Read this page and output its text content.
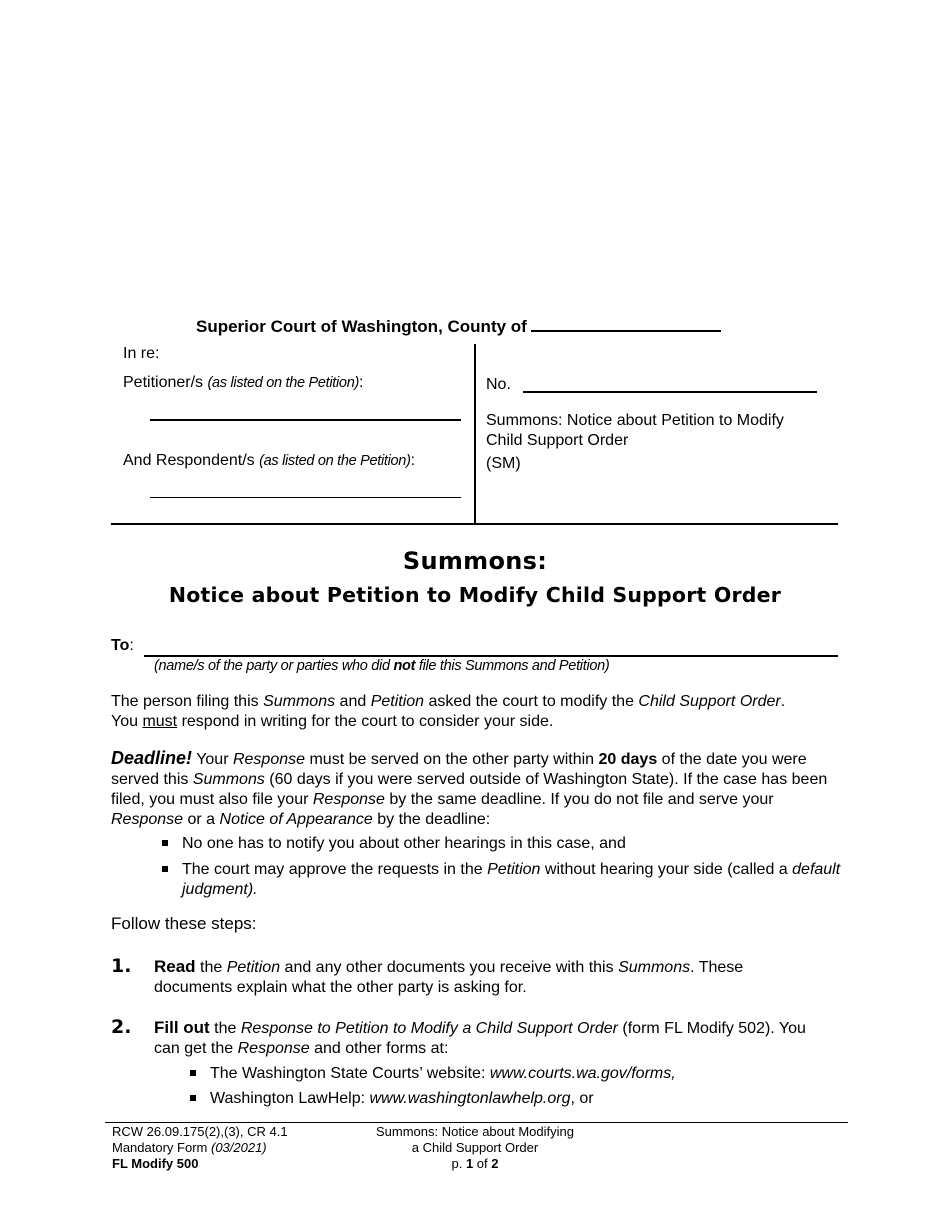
Superior Court of Washington, County of
In re:
Petitioner/s (as listed on the Petition):
And Respondent/s (as listed on the Petition):
No.
Summons: Notice about Petition to Modify
Child Support Order
(SM)
Summons:
Notice about Petition to Modify Child Support Order
To:
(name/s of the party or parties who did not file this Summons and Petition)
The person filing this Summons and Petition asked the court to modify the Child Support Order.
You must respond in writing for the court to consider your side.
Deadline! Your Response must be served on the other party within 20 days of the date you were served this Summons (60 days if you were served outside of Washington State). If the case has been filed, you must also file your Response by the same deadline. If you do not file and serve your Response or a Notice of Appearance by the deadline:
No one has to notify you about other hearings in this case, and
The court may approve the requests in the Petition without hearing your side (called a default judgment).
Follow these steps:
1. Read the Petition and any other documents you receive with this Summons. These documents explain what the other party is asking for.
2. Fill out the Response to Petition to Modify a Child Support Order (form FL Modify 502). You can get the Response and other forms at:
The Washington State Courts’ website: www.courts.wa.gov/forms,
Washington LawHelp: www.washingtonlawhelp.org, or
RCW 26.09.175(2),(3), CR 4.1
Mandatory Form (03/2021)
FL Modify 500
Summons: Notice about Modifying
a Child Support Order
p. 1 of 2
